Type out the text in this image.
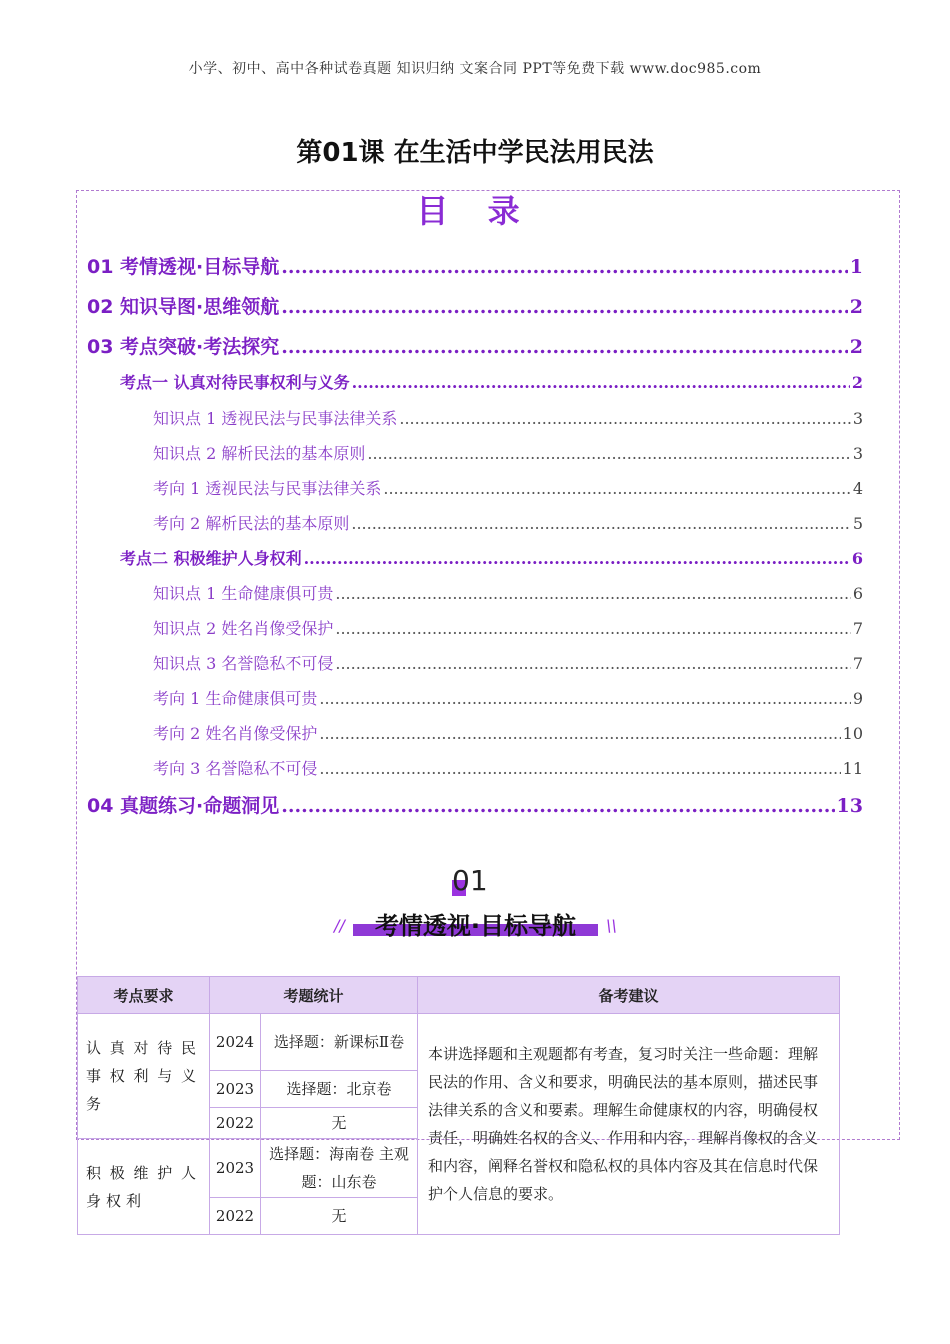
小学、初中、高中各种试卷真题 知识归纳 文案合同 PPT等免费下载 www.doc985.com
第01课 在生活中学民法用民法
目 录
01 考情透视·目标导航 .....	1
02 知识导图·思维领航 .....	2
03 考点突破·考法探究 .....	2
考点一 认真对待民事权利与义务 .....	2
知识点 1 透视民法与民事法律关系 .....	3
知识点 2 解析民法的基本原则 .....	3
考向 1 透视民法与民事法律关系 .....	4
考向 2 解析民法的基本原则 .....	5
考点二 积极维护人身权利 .....	6
知识点 1 生命健康俱可贵 .....	6
知识点 2 姓名肖像受保护 .....	7
知识点 3 名誉隐私不可侵 .....	7
考向 1 生命健康俱可贵 .....	9
考向 2 姓名肖像受保护 .....	10
考向 3 名誉隐私不可侵 .....	11
04 真题练习·命题洞见 .....	13
01
//	考情透视·目标导航	\\
考点要求	考题统计		备考建议
认真对待民事权利与义务	2024	选择题：新课标Ⅱ卷	本讲选择题和主观题都有考查，复习时关注一些命题：理解民法的作用、含义和要求，明确民法的基本原则，描述民事法律关系的含义和要素。理解生命健康权的内容，明确侵权责任，明确姓名权的含义、作用和内容，理解肖像权的含义和内容，阐释名誉权和隐私权的具体内容及其在信息时代保护个人信息的要求。
	2023	选择题：北京卷	
	2022	无	
积极维护人身权利	2023	选择题：海南卷 主观题：山东卷	
	2022	无	
